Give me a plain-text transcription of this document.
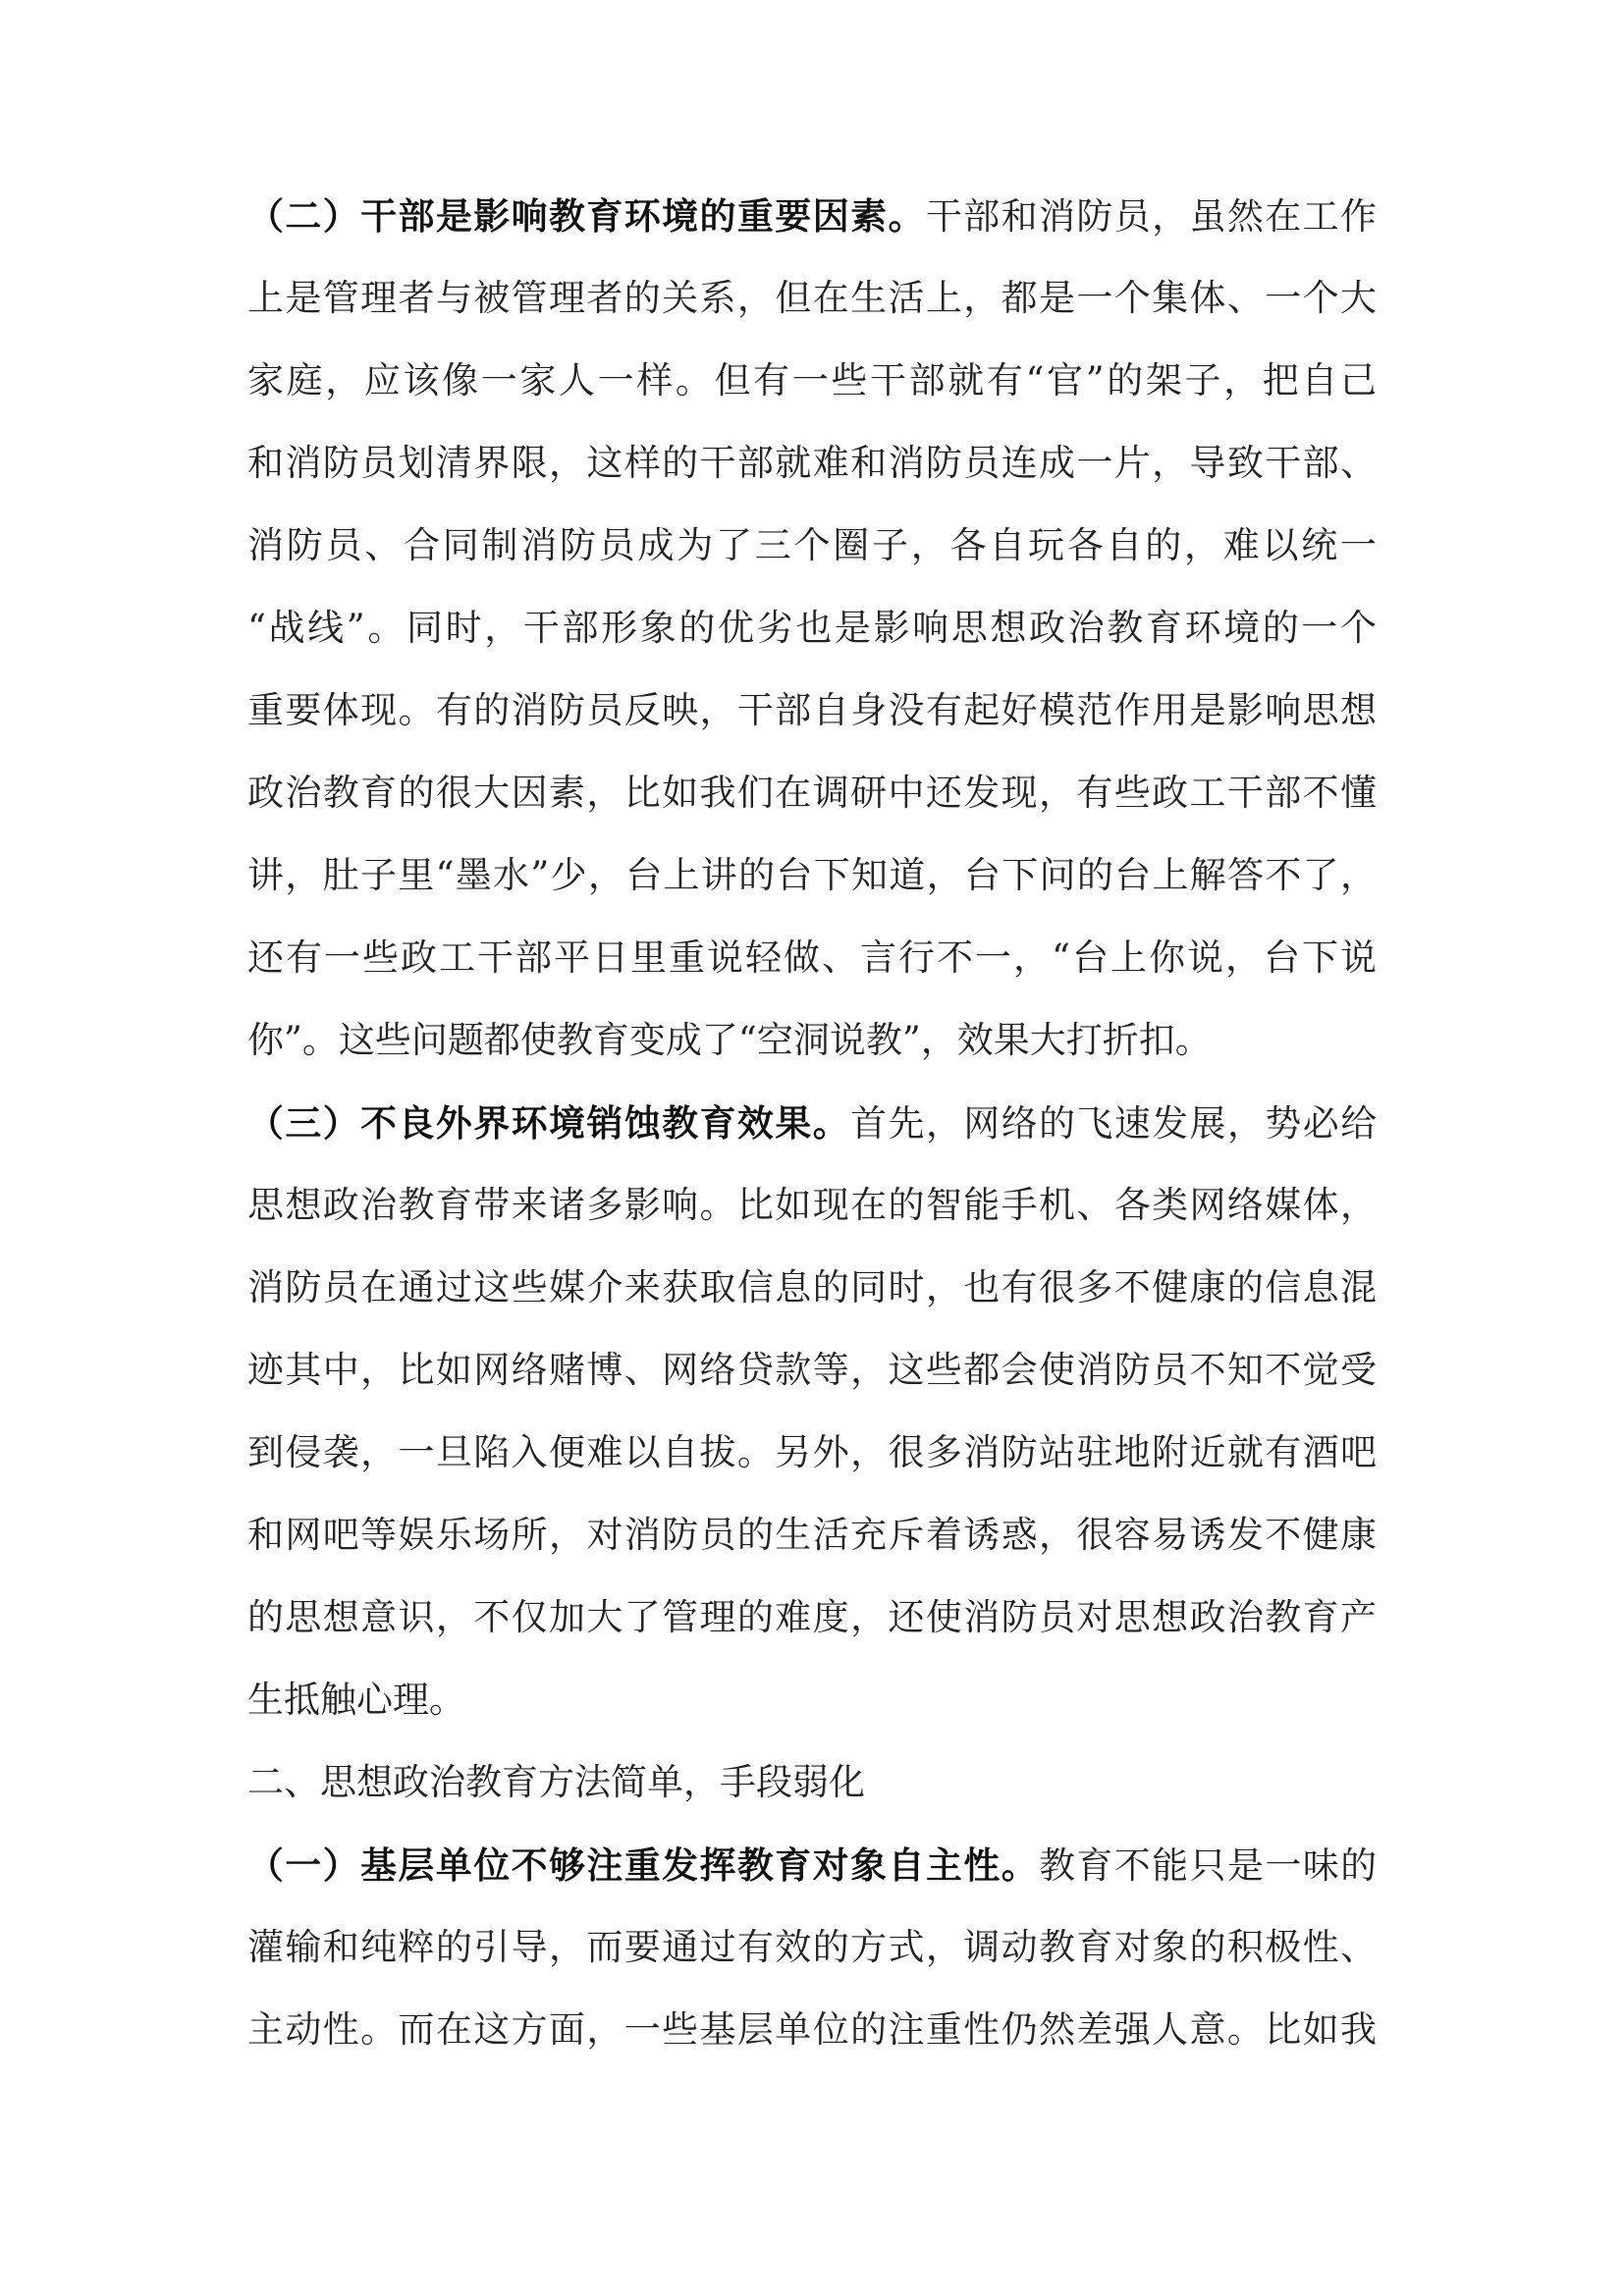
（二）干部是影响教育环境的重要因素。干部和消防员，虽然在工作
上是管理者与被管理者的关系，但在生活上，都是一个集体、一个大
家庭，应该像一家人一样。但有一些干部就有“官”的架子，把自己
和消防员划清界限，这样的干部就难和消防员连成一片，导致干部、
消防员、合同制消防员成为了三个圈子，各自玩各自的，难以统一
“战线”。同时，干部形象的优劣也是影响思想政治教育环境的一个
重要体现。有的消防员反映，干部自身没有起好模范作用是影响思想
政治教育的很大因素，比如我们在调研中还发现，有些政工干部不懂
讲，肚子里“墨水”少，台上讲的台下知道，台下问的台上解答不了，
还有一些政工干部平日里重说轻做、言行不一，“台上你说，台下说
你”。这些问题都使教育变成了“空洞说教”，效果大打折扣。
（三）不良外界环境销蚀教育效果。首先，网络的飞速发展，势必给
思想政治教育带来诸多影响。比如现在的智能手机、各类网络媒体，
消防员在通过这些媒介来获取信息的同时，也有很多不健康的信息混
迹其中，比如网络赌博、网络贷款等，这些都会使消防员不知不觉受
到侵袭，一旦陷入便难以自拔。另外，很多消防站驻地附近就有酒吧
和网吧等娱乐场所，对消防员的生活充斥着诱惑，很容易诱发不健康
的思想意识，不仅加大了管理的难度，还使消防员对思想政治教育产
生抵触心理。
二、思想政治教育方法简单，手段弱化
（一）基层单位不够注重发挥教育对象自主性。教育不能只是一味的
灌输和纯粹的引导，而要通过有效的方式，调动教育对象的积极性、
主动性。而在这方面，一些基层单位的注重性仍然差强人意。比如我
